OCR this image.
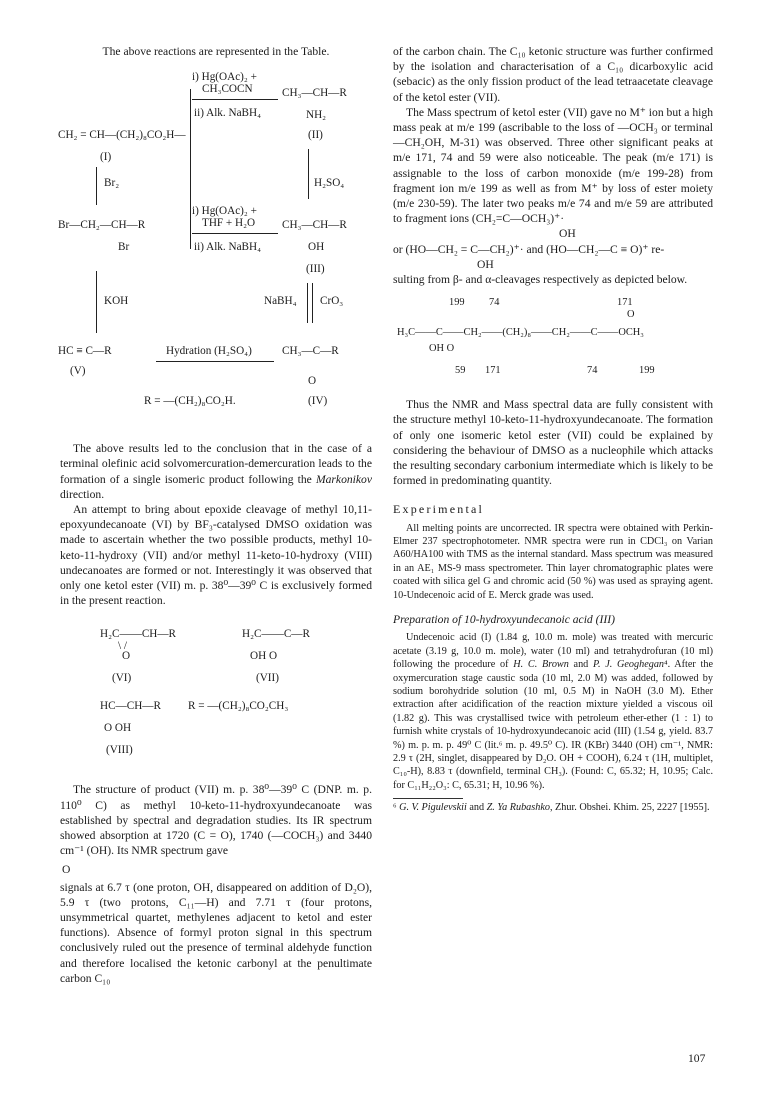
The above reactions are represented in the Table.

i) Hg(OAc)₂ +
CH₃COCN	CH₃—CH—R
ii) Alk. NaBH₄	NH₂
(II)
CH₂ = CH—(CH₂)₈CO₂H—
(I)
Br₂	H₂SO₄
i) Hg(OAc)₂ +
THF + H₂O CH₃—CH—R
ii) Alk. NaBH₄
Br—CH₂—CH—R
Br	OH
(III)
KOH	NaBH₄ CrO₃
HC ≡ C—R	Hydration (H₂SO₄)	CH₃—C—R
(V)
O
R = —(CH₂)₈CO₂H.	(IV)

The above results led to the conclusion that in the case of a terminal olefinic acid solvomercuration-demercuration leads to the formation of a single isomeric product following the Markonikov direction.

An attempt to bring about epoxide cleavage of methyl 10,11-epoxyundecanoate (VI) by BF₃-catalysed DMSO oxidation was made to ascertain whether the two possible products, methyl 10-keto-11-hydroxy (VII) and/or methyl 11-keto-10-hydroxy (VIII) undecanoates are formed or not. Interestingly it was observed that only one ketol ester (VII) m. p. 38⁰—39⁰ C is exclusively formed in the present reaction.

H₂C——CH—R
\ /
O
(VI)
H₂C——C—R
OH O
(VII)
HC—CH—R R = —(CH₂)₈CO₂CH₃
O OH
(VIII)

The structure of product (VII) m. p. 38⁰—39⁰ C (DNP. m. p. 110⁰ C) as methyl 10-keto-11-hydroxyundecanoate was established by spectral and degradation studies. Its IR spectrum showed absorption at 1720 (C = O), 1740 (—COCH₃) and 3440 cm⁻¹ (OH). Its NMR spectrum gave

O

signals at 6.7 τ (one proton, OH, disappeared on addition of D₂O), 5.9 τ (two protons, C₁₁—H) and 7.71 τ (four protons, unsymmetrical quartet, methylenes adjacent to ketol and ester functions). Absence of formyl proton signal in this spectrum conclusively ruled out the presence of terminal aldehyde function and therefore localised the ketonic carbonyl at the penultimate carbon C₁₀

of the carbon chain. The C₁₀ ketonic structure was further confirmed by the isolation and characterisation of a C₁₀ dicarboxylic acid (sebacic) as the only fission product of the lead tetraacetate cleavage of the ketol ester (VII).

The Mass spectrum of ketol ester (VII) gave no M⁺ ion but a high mass peak at m/e 199 (ascribable to the loss of —OCH₃ or terminal —CH₂OH, M-31) was observed. Three other significant peaks at m/e 171, 74 and 59 were also noticeable. The peak (m/e 171) is assignable to the loss of carbon monoxide (m/e 199-28) from fragment ion m/e 199 as well as from M⁺ by loss of ester moiety (m/e 230-59). The later two peaks m/e 74 and m/e 59 are attributed to fragment ions (CH₂=C—OCH₃)⁺·

OH

or (HO—CH₂ = C—CH₂)⁺· and (HO—CH₂—C ≡ O)⁺ re-

OH

sulting from β- and α-cleavages respectively as depicted below.

199 74	171
O
H₃C——C——CH₂——(CH₂)₈——CH₂——C——OCH₃
OH O
59 171	74	199

Thus the NMR and Mass spectral data are fully consistent with the structure methyl 10-keto-11-hydroxyundecanoate. The formation of only one isomeric ketol ester (VII) could be explained by considering the behaviour of DMSO as a nucleophile which attacks the resulting secondary carbonium intermediate which is likely to be formed in predominating quantity.

Experimental

All melting points are uncorrected. IR spectra were obtained with Perkin-Elmer 237 spectrophotometer. NMR spectra were run in CDCl₃ on Varian A60/HA100 with TMS as the internal standard. Mass spectrum was measured in an AE₁ MS-9 mass spectrometer. Thin layer chromatographic plates were coated with silica gel G and chromic acid (50 %) was used as spraying agent. 10-Undecenoic acid of E. Merck grade was used.

Preparation of 10-hydroxyundecanoic acid (III)

Undecenoic acid (I) (1.84 g, 10.0 m. mole) was treated with mercuric acetate (3.19 g, 10.0 m. mole), water (10 ml) and tetrahydrofuran (10 ml) following the procedure of H. C. Brown and P. J. Geoghegan⁴. After the oxymercuration stage caustic soda (10 ml, 2.0 M) was added, followed by sodium borohydride solution (10 ml, 0.5 M) in NaOH (3.0 M). Ether extraction after acidification of the reaction mixture yielded a viscous oil (1.82 g). This was crystallised twice with petroleum ether-ether (1 : 1) to furnish white crystals of 10-hydroxyundecanoic acid (III) (1.54 g, yield. 83.7 %) m. p. m. p. 49⁰ C (lit.⁶ m. p. 49.5⁰ C). IR (KBr) 3440 (OH) cm⁻¹, NMR: 2.9 τ (2H, singlet, disappeared by D₂O. OH + COOH), 6.24 τ (1H, multiplet, C₁₀-H), 8.83 τ (downfield, terminal CH₃). (Found: C, 65.32; H, 10.95; Calc. for C₁₁H₂₂O₃: C, 65.31; H, 10.96 %).

⁶ G. V. Pigulevskii and Z. Ya Rubashko, Zhur. Obshei. Khim. 25, 2227 [1955].

107
